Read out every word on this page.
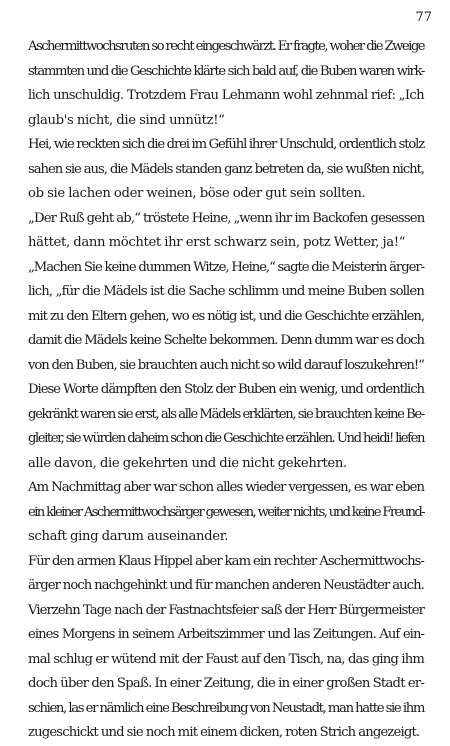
77
Aschermittwochsruten so recht eingeschwärzt. Er fragte, woher die Zweige
stammten und die Geschichte klärte sich bald auf, die Buben waren wirk-
lich unschuldig. Trotzdem Frau Lehmann wohl zehnmal rief: „Ich
glaub's nicht, die sind unnütz!“
Hei, wie reckten sich die drei im Gefühl ihrer Unschuld, ordentlich stolz
sahen sie aus, die Mädels standen ganz betreten da, sie wußten nicht,
ob sie lachen oder weinen, böse oder gut sein sollten.
„Der Ruß geht ab,“ tröstete Heine, „wenn ihr im Backofen gesessen
hättet, dann möchtet ihr erst schwarz sein, potz Wetter, ja!“
„Machen Sie keine dummen Witze, Heine,“ sagte die Meisterin ärger-
lich, „für die Mädels ist die Sache schlimm und meine Buben sollen
mit zu den Eltern gehen, wo es nötig ist, und die Geschichte erzählen,
damit die Mädels keine Schelte bekommen. Denn dumm war es doch
von den Buben, sie brauchten auch nicht so wild darauf loszukehren!“
Diese Worte dämpften den Stolz der Buben ein wenig, und ordentlich
gekränkt waren sie erst, als alle Mädels erklärten, sie brauchten keine Be-
gleiter, sie würden daheim schon die Geschichte erzählen. Und heidi! liefen
alle davon, die gekehrten und die nicht gekehrten.
Am Nachmittag aber war schon alles wieder vergessen, es war eben
ein kleiner Aschermittwochsärger gewesen, weiter nichts, und keine Freund-
schaft ging darum auseinander.
Für den armen Klaus Hippel aber kam ein rechter Aschermittwochs-
ärger noch nachgehinkt und für manchen anderen Neustädter auch.
Vierzehn Tage nach der Fastnachtsfeier saß der Herr Bürgermeister
eines Morgens in seinem Arbeitszimmer und las Zeitungen. Auf ein-
mal schlug er wütend mit der Faust auf den Tisch, na, das ging ihm
doch über den Spaß. In einer Zeitung, die in einer großen Stadt er-
schien, las er nämlich eine Beschreibung von Neustadt, man hatte sie ihm
zugeschickt und sie noch mit einem dicken, roten Strich angezeigt.
